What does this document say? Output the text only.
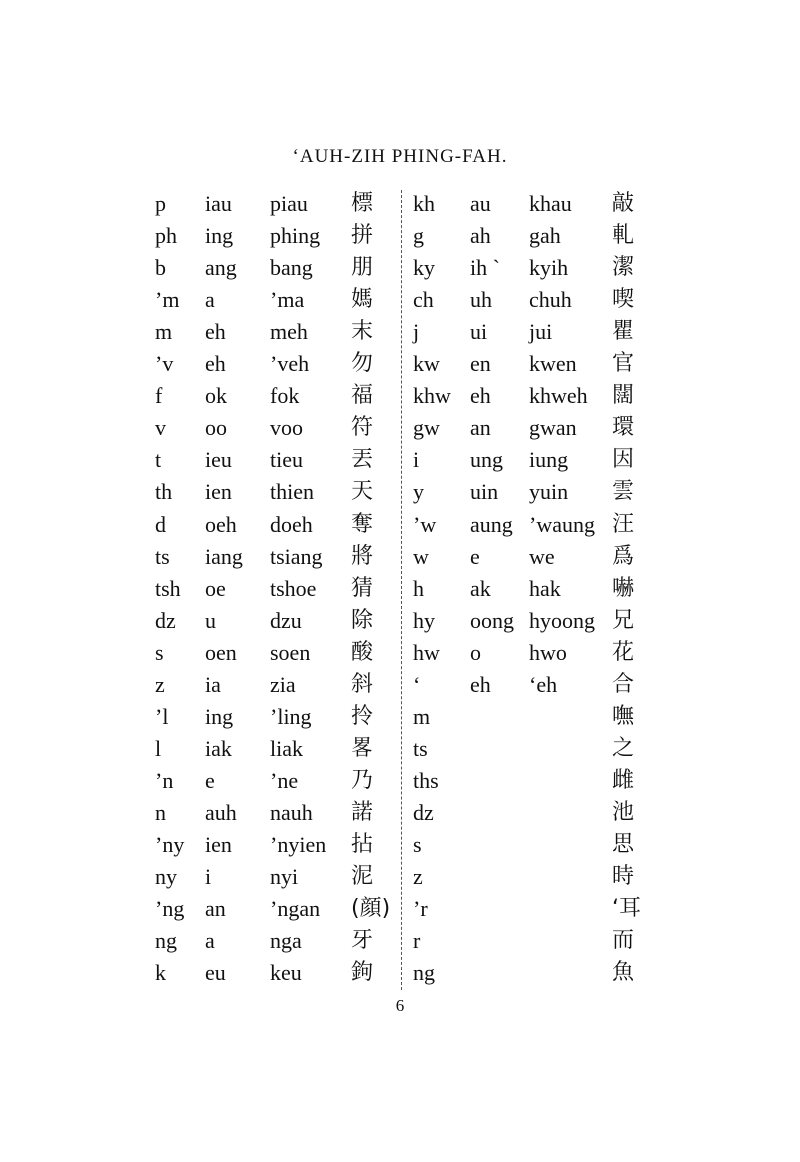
‘AUH-ZIH PHING-FAH.
p iau piau 標 kh au khau 敲
ph ing phing 拼 g ah gah 軋
b ang bang 朋 ky ih ˋ kyih 潔
’m a	’ma 媽 ch uh chuh 喫
m eh meh 末 j ui jui	瞿
’v eh ’veh 勿 kw en kwen 官
f ok fok 福 khw eh khweh 闊
v oo voo 符 gw an gwan 環
t ieu tieu 丟 i ung iung 因
th ien thien 天 y uin yuin 雲
d oeh doeh 奪 ’w aung ’waung 汪
ts iang tsiang 將 w e we	爲
tsh oe tshoe 猜 h ak hak 嚇
dz u dzu 除 hy oong hyoong 兄
s oen soen 酸 hw o hwo 花
z ia zia	斜 ‘ eh ‘eh 合
’l ing ’ling 拎 m	嘸
l iak liak 畧 ts	之
’n e	’ne 乃 ths	雌
n auh nauh 諾 dz	池
’ny ien ’nyien 拈 s	思
ny i	nyi 泥 z	時
’ng an ’ngan (顔) ’r	‘耳
ng a	nga 牙 r	而
k eu keu 鉤 ng	魚
6
